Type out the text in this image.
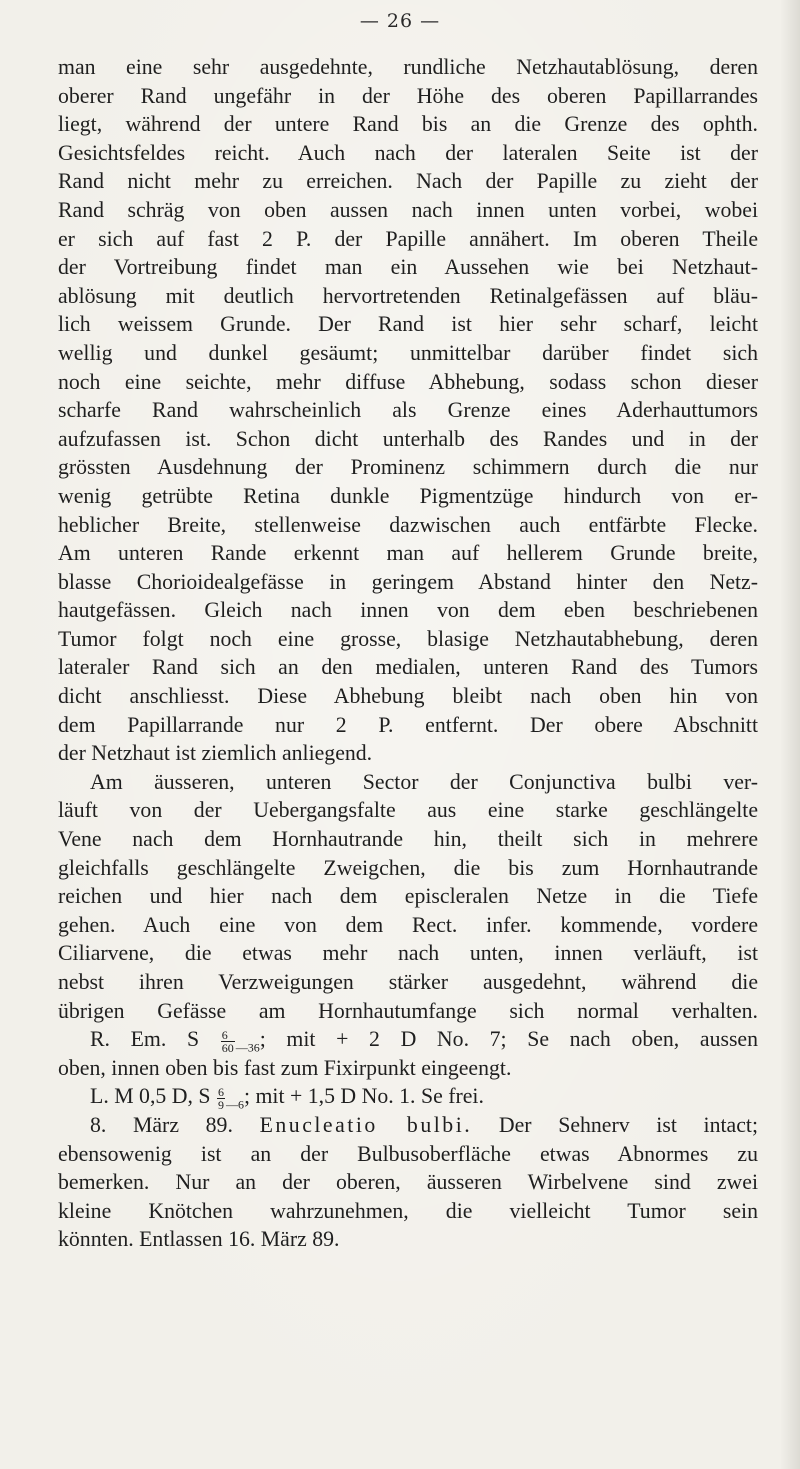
— 26 —
man eine sehr ausgedehnte, rundliche Netzhautablösung, deren
oberer Rand ungefähr in der Höhe des oberen Papillarrandes
liegt, während der untere Rand bis an die Grenze des ophth.
Gesichtsfeldes reicht. Auch nach der lateralen Seite ist der
Rand nicht mehr zu erreichen. Nach der Papille zu zieht der
Rand schräg von oben aussen nach innen unten vorbei, wobei
er sich auf fast 2 P. der Papille annähert. Im oberen Theile
der Vortreibung findet man ein Aussehen wie bei Netzhaut-
ablösung mit deutlich hervortretenden Retinalgefässen auf bläu-
lich weissem Grunde. Der Rand ist hier sehr scharf, leicht
wellig und dunkel gesäumt; unmittelbar darüber findet sich
noch eine seichte, mehr diffuse Abhebung, sodass schon dieser
scharfe Rand wahrscheinlich als Grenze eines Aderhauttumors
aufzufassen ist. Schon dicht unterhalb des Randes und in der
grössten Ausdehnung der Prominenz schimmern durch die nur
wenig getrübte Retina dunkle Pigmentzüge hindurch von er-
heblicher Breite, stellenweise dazwischen auch entfärbte Flecke.
Am unteren Rande erkennt man auf hellerem Grunde breite,
blasse Chorioidealgefässe in geringem Abstand hinter den Netz-
hautgefässen. Gleich nach innen von dem eben beschriebenen
Tumor folgt noch eine grosse, blasige Netzhautabhebung, deren
lateraler Rand sich an den medialen, unteren Rand des Tumors
dicht anschliesst. Diese Abhebung bleibt nach oben hin von
dem Papillarrande nur 2 P. entfernt. Der obere Abschnitt
der Netzhaut ist ziemlich anliegend.
Am äusseren, unteren Sector der Conjunctiva bulbi ver-
läuft von der Uebergangsfalte aus eine starke geschlängelte
Vene nach dem Hornhautrande hin, theilt sich in mehrere
gleichfalls geschlängelte Zweigchen, die bis zum Hornhautrande
reichen und hier nach dem episcleralen Netze in die Tiefe
gehen. Auch eine von dem Rect. infer. kommende, vordere
Ciliarvene, die etwas mehr nach unten, innen verläuft, ist
nebst ihren Verzweigungen stärker ausgedehnt, während die
übrigen Gefässe am Hornhautumfange sich normal verhalten.
R. Em. S $\frac{6}{60} _{—36}$; mit + 2 D No. 7; Se nach oben, aussen
oben, innen oben bis fast zum Fixirpunkt eingeengt.
L. M 0,5 D, S $\frac{6}{9} _{—6}$; mit + 1,5 D No. 1. Se frei.
8. März 89. Enucleatio bulbi. Der Sehnerv ist intact;
ebensowenig ist an der Bulbusoberfläche etwas Abnormes zu
bemerken. Nur an der oberen, äusseren Wirbelvene sind zwei
kleine Knötchen wahrzunehmen, die vielleicht Tumor sein
könnten. Entlassen 16. März 89.
